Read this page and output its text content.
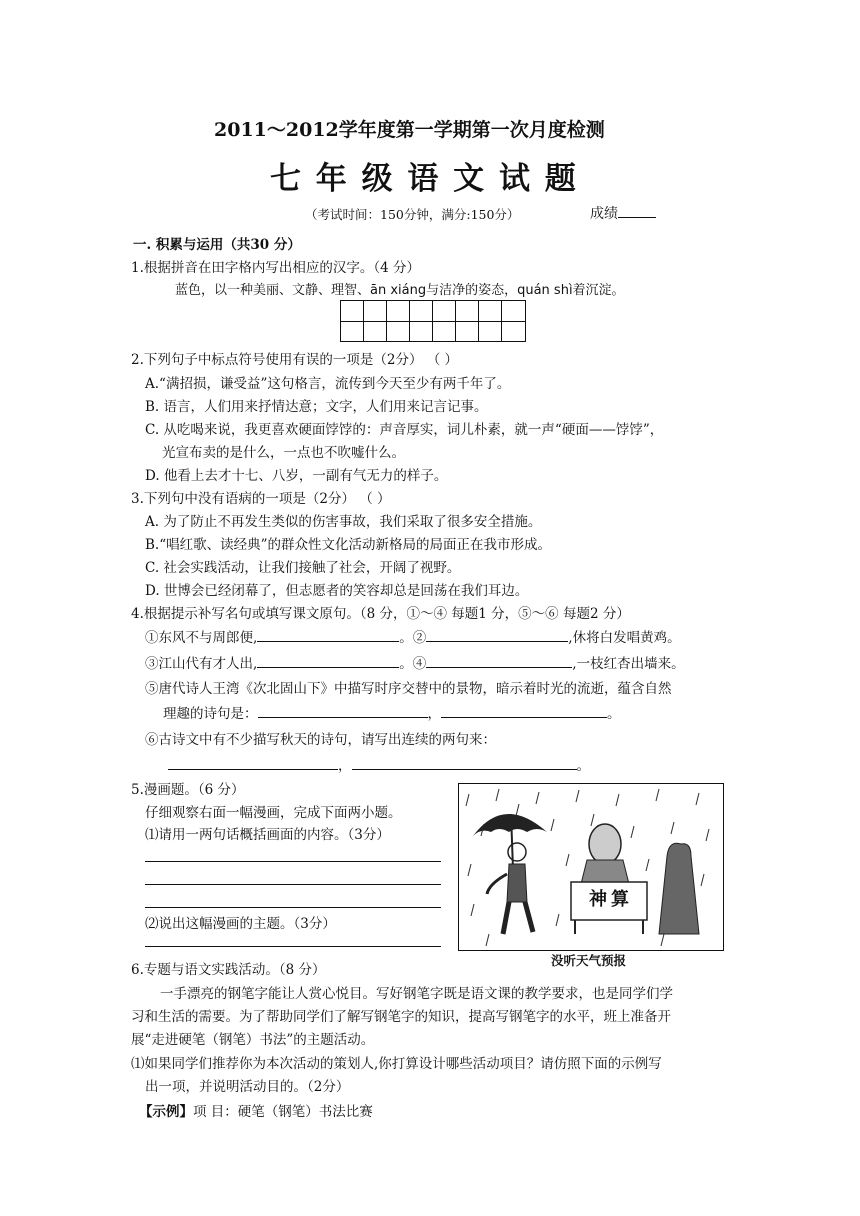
2011～2012学年度第一学期第一次月度检测
七 年 级 语 文 试 题
（考试时间：150分钟，满分:150分）	成绩
一. 积累与运用（共30 分）
1.根据拼音在田字格内写出相应的汉字。（4 分）
蓝色，以一种美丽、文静、理智、ān xiáng与洁净的姿态，quán shì着沉淀。
2.下列句子中标点符号使用有误的一项是（2分） （ ）
A.“满招损，谦受益”这句格言，流传到今天至少有两千年了。
B. 语言，人们用来抒情达意；文字，人们用来记言记事。
C. 从吃喝来说，我更喜欢硬面饽饽的：声音厚实，词儿朴素，就一声“硬面——饽饽”，
光宣布卖的是什么，一点也不吹嘘什么。
D. 他看上去才十七、八岁，一副有气无力的样子。
3.下列句中没有语病的一项是（2分） （ ）
A. 为了防止不再发生类似的伤害事故，我们采取了很多安全措施。
B.“唱红歌、读经典”的群众性文化活动新格局的局面正在我市形成。
C. 社会实践活动，让我们接触了社会，开阔了视野。
D. 世博会已经闭幕了，但志愿者的笑容却总是回荡在我们耳边。
4.根据提示补写名句或填写课文原句。（8 分，①～④ 每题1 分，⑤～⑥ 每题2 分）
①东风不与周郎便,	。②	,休将白发唱黄鸡。
③江山代有才人出,	。④	,一枝红杏出墙来。
⑤唐代诗人王湾《次北固山下》中描写时序交替中的景物，暗示着时光的流逝，蕴含自然
理趣的诗句是：	，	。
⑥古诗文中有不少描写秋天的诗句，请写出连续的两句来：
，	。
5.漫画题。（6 分）
仔细观察右面一幅漫画，完成下面两小题。
⑴请用一两句话概括画面的内容。（3分）
⑵说出这幅漫画的主题。（3分）
神算
没听天气预报
6.专题与语文实践活动。（8 分）
一手漂亮的钢笔字能让人赏心悦目。写好钢笔字既是语文课的教学要求，也是同学们学
习和生活的需要。为了帮助同学们了解写钢笔字的知识，提高写钢笔字的水平，班上准备开
展“走进硬笔（钢笔）书法”的主题活动。
⑴如果同学们推荐你为本次活动的策划人,你打算设计哪些活动项目？请仿照下面的示例写
出一项，并说明活动目的。（2分）
【示例】项 目：硬笔（钢笔）书法比赛
